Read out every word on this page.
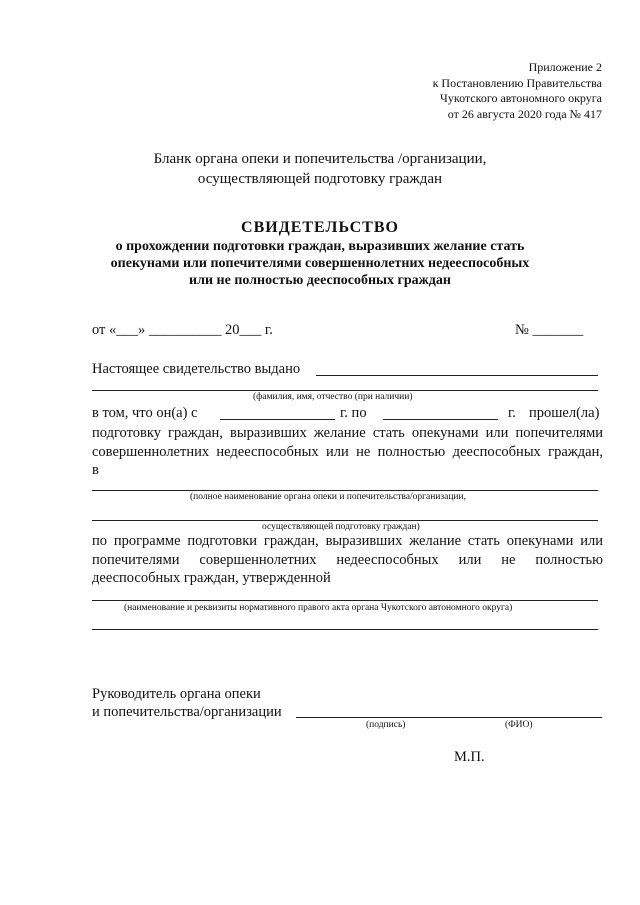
Приложение 2
к Постановлению Правительства
Чукотского автономного округа
от 26 августа 2020 года № 417
Бланк органа опеки и попечительства /организации,
осуществляющей подготовку граждан
СВИДЕТЕЛЬСТВО
о прохождении подготовки граждан, выразивших желание стать
опекунами или попечителями совершеннолетних недееспособных
или не полностью дееспособных граждан
от «___» __________ 20___ г.	№ _______
Настоящее свидетельство выдано
(фамилия, имя, отчество (при наличии)
в том, что он(а) с	г. по	г. прошел(ла)
подготовку граждан, выразивших желание стать опекунами или попечителями
совершеннолетних недееспособных или не полностью дееспособных граждан,
в
(полное наименование органа опеки и попечительства/организации,
осуществляющей подготовку граждан)
по программе подготовки граждан, выразивших желание стать опекунами или
попечителями совершеннолетних недееспособных или не полностью
дееспособных граждан, утвержденной
(наименование и реквизиты нормативного правого акта органа Чукотского автономного округа)
Руководитель органа опеки
и попечительства/организации
(подпись)	(ФИО)
М.П.
